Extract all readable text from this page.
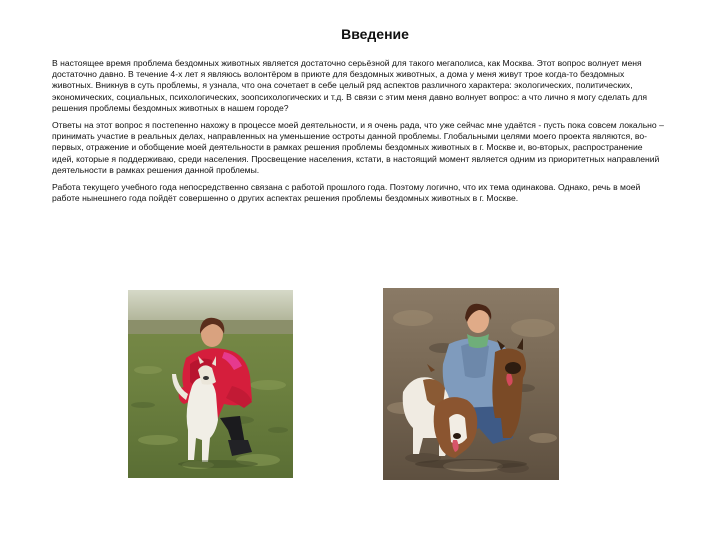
Введение

В настоящее время проблема бездомных животных является достаточно серьёзной для такого мегаполиса, как Москва. Этот вопрос волнует меня достаточно давно. В течение 4-х лет я являюсь волонтёром в приюте для бездомных животных, а дома у меня живут трое когда-то бездомных животных. Вникнув в суть проблемы, я узнала, что она сочетает в себе целый ряд аспектов различного характера: экологических, политических, экономических, социальных, психологических, зоопсихологических и т.д. В связи с этим меня давно волнует вопрос: а что лично я могу сделать для решения проблемы бездомных животных в нашем городе?

Ответы на этот вопрос я постепенно нахожу в процессе моей деятельности, и я очень рада, что уже сейчас мне удаётся - пусть пока совсем локально – принимать участие в реальных делах, направленных на уменьшение остроты данной проблемы. Глобальными целями моего проекта являются, во-первых, отражение и обобщение моей деятельности в рамках решения проблемы бездомных животных в г. Москве и, во-вторых, распространение идей, которые я поддерживаю, среди населения. Просвещение населения, кстати, в настоящий момент является одним из приоритетных направлений деятельности в рамках решения данной проблемы.

Работа текущего учебного года непосредственно связана с работой прошлого года. Поэтому логично, что их тема одинакова. Однако, речь в моей работе нынешнего года пойдёт совершенно о других аспектах решения проблемы бездомных животных в г. Москве.
